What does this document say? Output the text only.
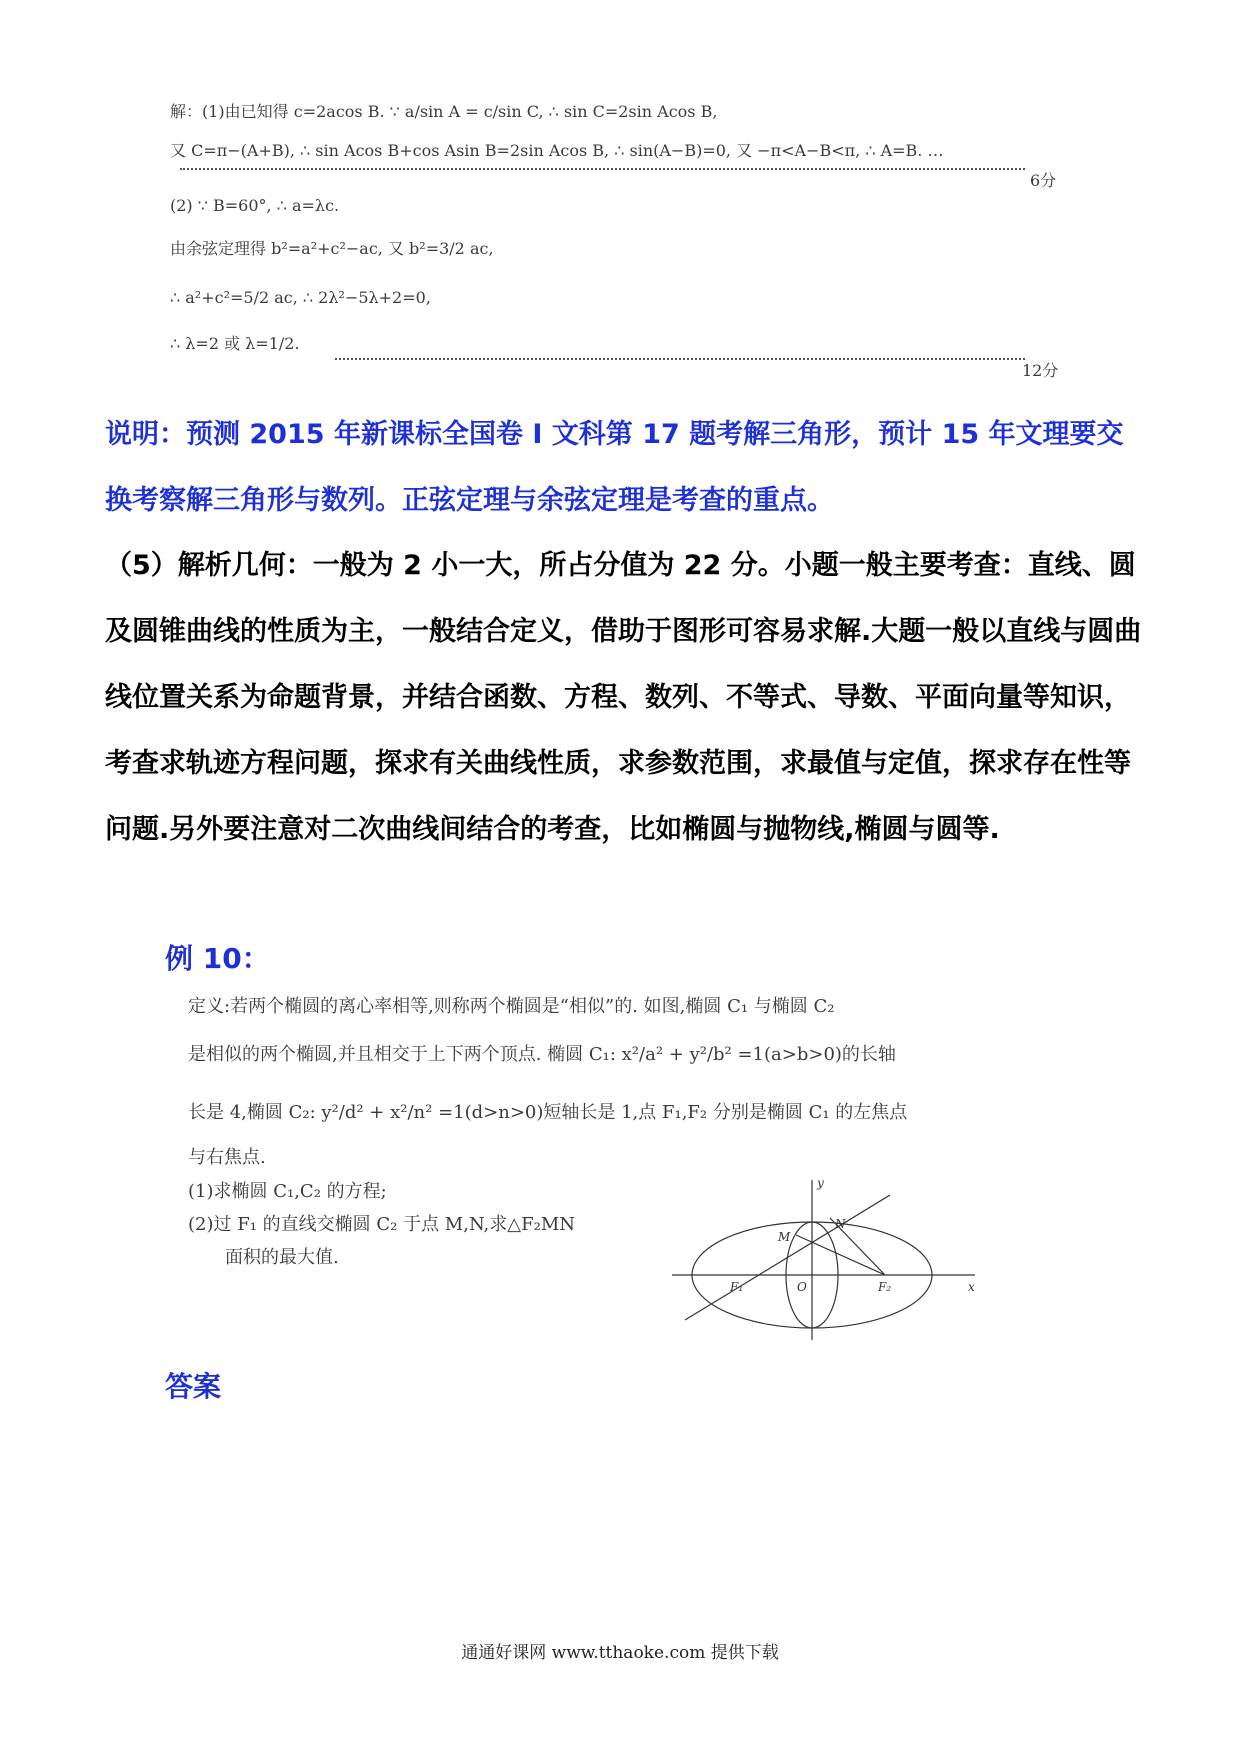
解：(1)由已知得 c=2acos B. ∵ a/sin A = c/sin C, ∴ sin C=2sin Acos B,
又 C=π−(A+B), ∴ sin Acos B+cos Asin B=2sin Acos B, ∴ sin(A−B)=0, 又 −π<A−B<π, ∴ A=B. …
6分
(2) ∵ B=60°, ∴ a=λc.
由余弦定理得 b²=a²+c²−ac, 又 b²=3/2 ac,
∴ a²+c²=5/2 ac, ∴ 2λ²−5λ+2=0,
∴ λ=2 或 λ=1/2.
12分
说明：预测 2015 年新课标全国卷 I 文科第 17 题考解三角形，预计 15 年文理要交换考察解三角形与数列。正弦定理与余弦定理是考查的重点。
（5）解析几何：一般为 2 小一大，所占分值为 22 分。小题一般主要考查：直线、圆及圆锥曲线的性质为主，一般结合定义，借助于图形可容易求解.大题一般以直线与圆曲线位置关系为命题背景，并结合函数、方程、数列、不等式、导数、平面向量等知识，考查求轨迹方程问题，探求有关曲线性质，求参数范围，求最值与定值，探求存在性等问题.另外要注意对二次曲线间结合的考查，比如椭圆与抛物线,椭圆与圆等.
例 10：
定义:若两个椭圆的离心率相等,则称两个椭圆是“相似”的. 如图,椭圆 C₁ 与椭圆 C₂
是相似的两个椭圆,并且相交于上下两个顶点. 椭圆 C₁: x²/a² + y²/b² =1(a>b>0)的长轴
长是 4,椭圆 C₂: y²/d² + x²/n² =1(d>n>0)短轴长是 1,点 F₁,F₂ 分别是椭圆 C₁ 的左焦点
与右焦点.
(1)求椭圆 C₁,C₂ 的方程;
(2)过 F₁ 的直线交椭圆 C₂ 于点 M,N,求△F₂MN
面积的最大值.
y
x
O
F₁	F₂
M
N
答案
通通好课网 www.tthaoke.com 提供下载
